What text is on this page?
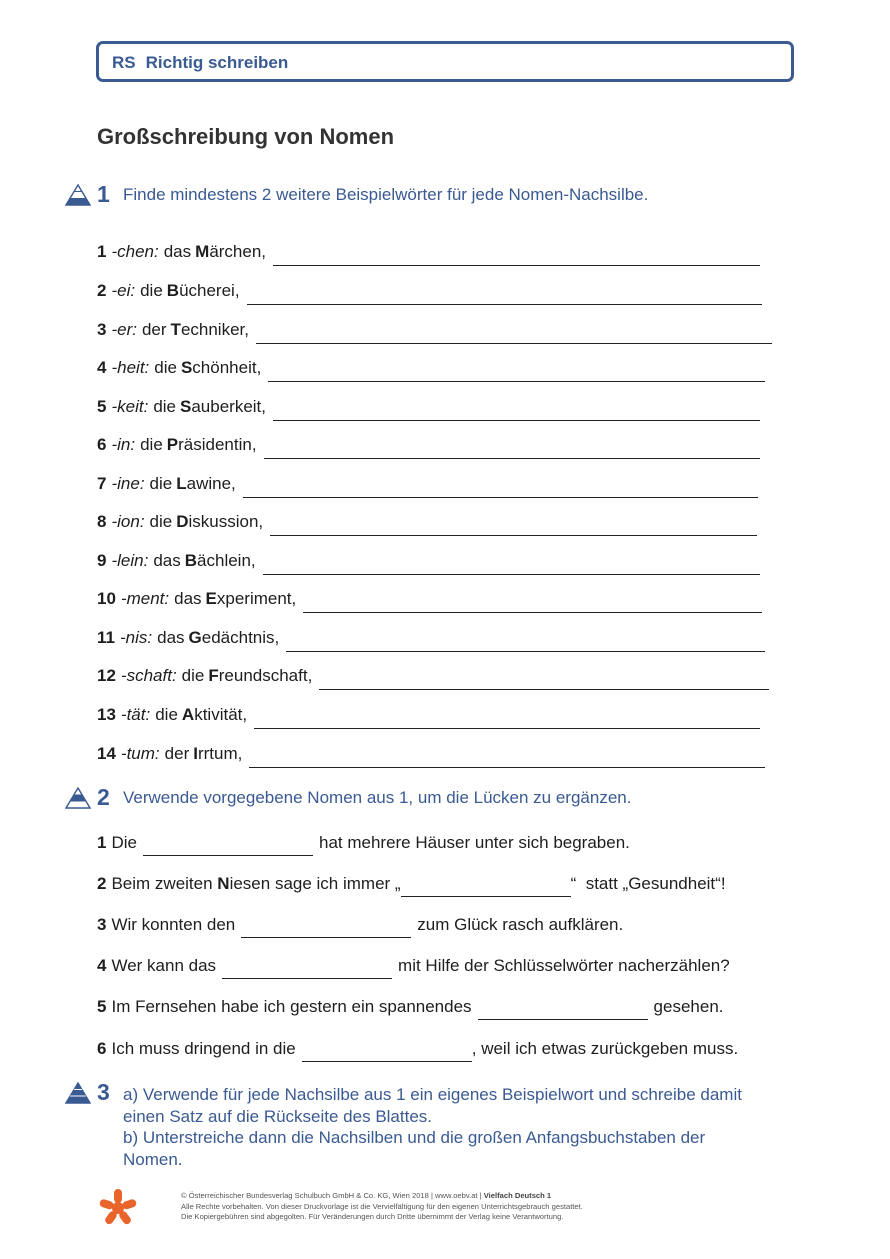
RS Richtig schreiben
Großschreibung von Nomen
1 Finde mindestens 2 weitere Beispielwörter für jede Nomen-Nachsilbe.
1 -chen: das M ärchen,
2 -ei: die B ücherei,
3 -er: der T echniker,
4 -heit: die S chönheit,
5 -keit: die S auberkeit,
6 -in: die P räsidentin,
7 -ine: die L awine,
8 -ion: die D iskussion,
9 -lein: das B ächlein,
10 -ment: das E xperiment,
11 -nis: das G edächtnis,
12 -schaft: die F reundschaft,
13 -tät: die A ktivität,
14 -tum: der I rrtum,
2 Verwende vorgegebene Nomen aus 1, um die Lücken zu ergänzen.
1 Die	hat mehrere Häuser unter sich begraben.
2 Beim zweiten N iesen sage ich immer „	“  statt „Gesundheit“!
3 Wir konnten den	zum Glück rasch aufklären.
4 Wer kann das	mit Hilfe der Schlüsselwörter nacherzählen?
5 Im Fernsehen habe ich gestern ein spannendes	gesehen.
6 Ich muss dringend in die	, weil ich etwas zurückgeben muss.
3 a) Verwende für jede Nachsilbe aus 1 ein eigenes Beispielwort und schreibe damit
einen Satz auf die Rückseite des Blattes.
b) Unterstreiche dann die Nachsilben und die großen Anfangsbuchstaben der
Nomen.
© Österreichischer Bundesverlag Schulbuch GmbH & Co. KG, Wien 2018 | www.oebv.at | Vielfach Deutsch 1
Alle Rechte vorbehalten. Von dieser Druckvorlage ist die Vervielfältigung für den eigenen Unterrichtsgebrauch gestattet.
Die Kopiergebühren sind abgegolten. Für Veränderungen durch Dritte übernimmt der Verlag keine Verantwortung.
